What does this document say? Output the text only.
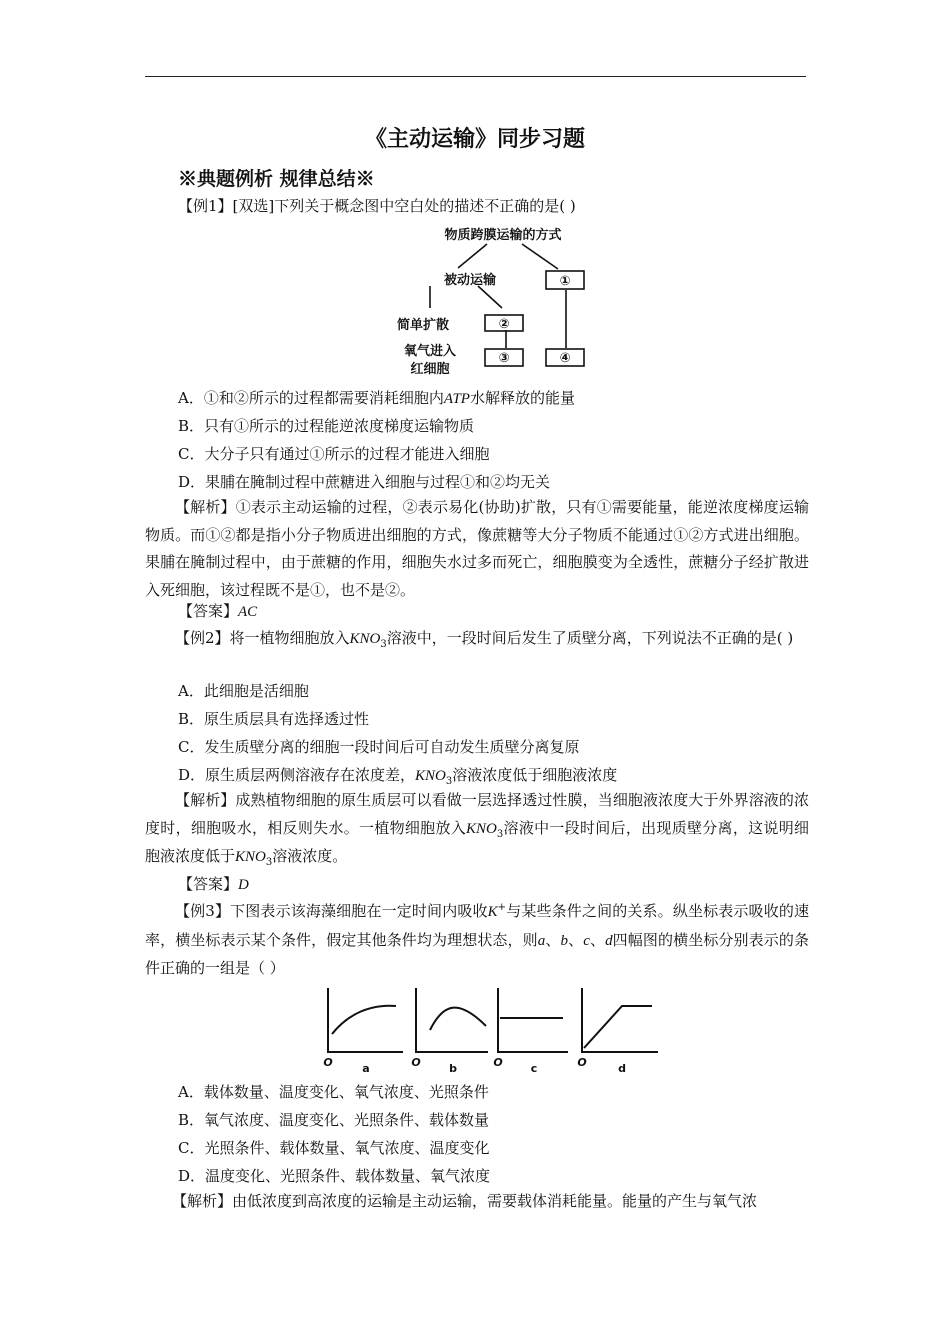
《主动运输》同步习题
※典题例析 规律总结※
【例1】[双选]下列关于概念图中空白处的描述不正确的是( )
物质跨膜运输的方式
被动运输
简单扩散
氧气进入
红细胞
①
②
③	④
A．①和②所示的过程都需要消耗细胞内ATP水解释放的能量
B．只有①所示的过程能逆浓度梯度运输物质
C．大分子只有通过①所示的过程才能进入细胞
D．果脯在腌制过程中蔗糖进入细胞与过程①和②均无关
【解析】①表示主动运输的过程，②表示易化(协助)扩散，只有①需要能量，能逆浓度梯度运输物质。而①②都是指小分子物质进出细胞的方式，像蔗糖等大分子物质不能通过①②方式进出细胞。果脯在腌制过程中，由于蔗糖的作用，细胞失水过多而死亡，细胞膜变为全透性，蔗糖分子经扩散进入死细胞，该过程既不是①，也不是②。
【答案】AC
【例2】将一植物细胞放入$KNO_3$溶液中，一段时间后发生了质壁分离，下列说法不正确的是( )
A．此细胞是活细胞
B．原生质层具有选择透过性
C．发生质壁分离的细胞一段时间后可自动发生质壁分离复原
D．原生质层两侧溶液存在浓度差，$KNO_3$溶液浓度低于细胞液浓度
【解析】成熟植物细胞的原生质层可以看做一层选择透过性膜，当细胞液浓度大于外界溶液的浓度时，细胞吸水，相反则失水。一植物细胞放入$KNO_3$溶液中一段时间后，出现质壁分离，这说明细胞液浓度低于$KNO_3$溶液浓度。
【答案】D
【例3】下图表示该海藻细胞在一定时间内吸收K+与某些条件之间的关系。纵坐标表示吸收的速率，横坐标表示某个条件，假定其他条件均为理想状态，则a、b、c、d四幅图的横坐标分别表示的条件正确的一组是（ ）
O	O	O	O
a	b	c	d
A．载体数量、温度变化、氧气浓度、光照条件
B．氧气浓度、温度变化、光照条件、载体数量
C．光照条件、载体数量、氧气浓度、温度变化
D．温度变化、光照条件、载体数量、氧气浓度
【解析】由低浓度到高浓度的运输是主动运输，需要载体消耗能量。能量的产生与氧气浓
